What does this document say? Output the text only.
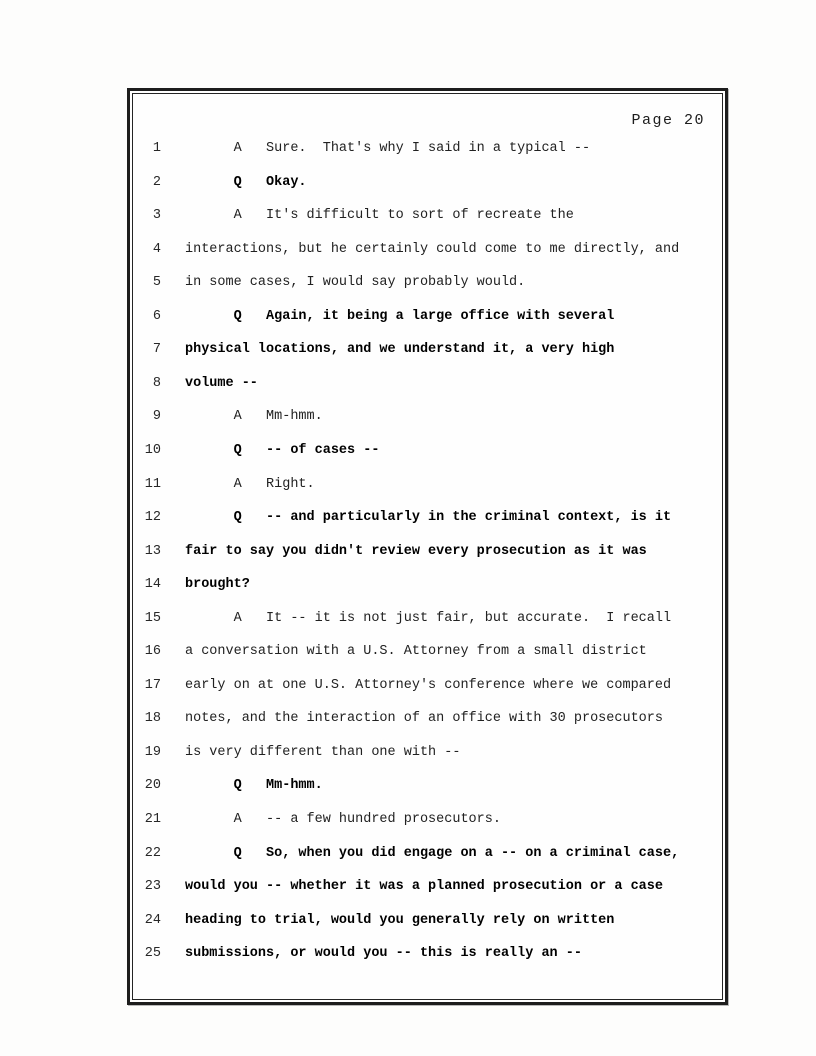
Page 20
1 A   Sure.  That's why I said in a typical --
2 Q   Okay.
3 A   It's difficult to sort of recreate the
4 interactions, but he certainly could come to me directly, and
5 in some cases, I would say probably would.
6 Q   Again, it being a large office with several
7 physical locations, and we understand it, a very high
8 volume --
9 A   Mm-hmm.
10 Q   -- of cases --
11 A   Right.
12 Q   -- and particularly in the criminal context, is it
13 fair to say you didn't review every prosecution as it was
14 brought?
15 A   It -- it is not just fair, but accurate.  I recall
16 a conversation with a U.S. Attorney from a small district
17 early on at one U.S. Attorney's conference where we compared
18 notes, and the interaction of an office with 30 prosecutors
19 is very different than one with --
20 Q   Mm-hmm.
21 A   -- a few hundred prosecutors.
22 Q   So, when you did engage on a -- on a criminal case,
23 would you -- whether it was a planned prosecution or a case
24 heading to trial, would you generally rely on written
25 submissions, or would you -- this is really an --
